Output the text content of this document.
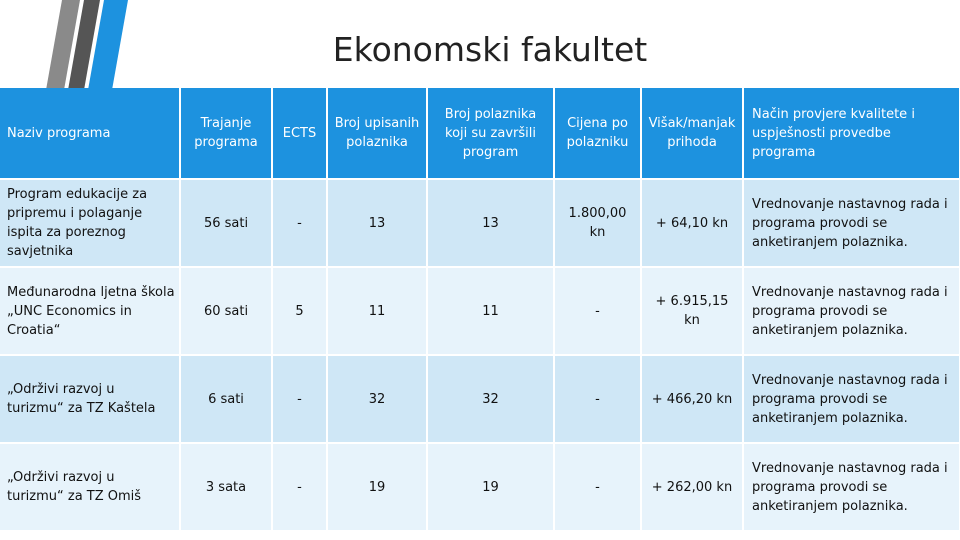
Ekonomski fakultet
Naziv programa	Trajanje programa	ECTS	Broj upisanih polaznika	Broj polaznika koji su završili program	Cijena po polazniku	Višak/manjak prihoda	Način provjere kvalitete i uspješnosti provedbe programa
Program edukacije za pripremu i polaganje ispita za poreznog savjetnika	56 sati	-	13	13	1.800,00 kn	+ 64,10 kn	Vrednovanje nastavnog rada i programa provodi se anketiranjem polaznika.
Međunarodna ljetna škola „UNC Economics in Croatia“	60 sati	5	11	11	-	+ 6.915,15 kn	Vrednovanje nastavnog rada i programa provodi se anketiranjem polaznika.
„Održivi razvoj u turizmu“ za TZ Kaštela	6 sati	-	32	32	-	+ 466,20 kn	Vrednovanje nastavnog rada i programa provodi se anketiranjem polaznika.
„Održivi razvoj u turizmu“ za TZ Omiš	3 sata	-	19	19	-	+ 262,00 kn	Vrednovanje nastavnog rada i programa provodi se anketiranjem polaznika.
